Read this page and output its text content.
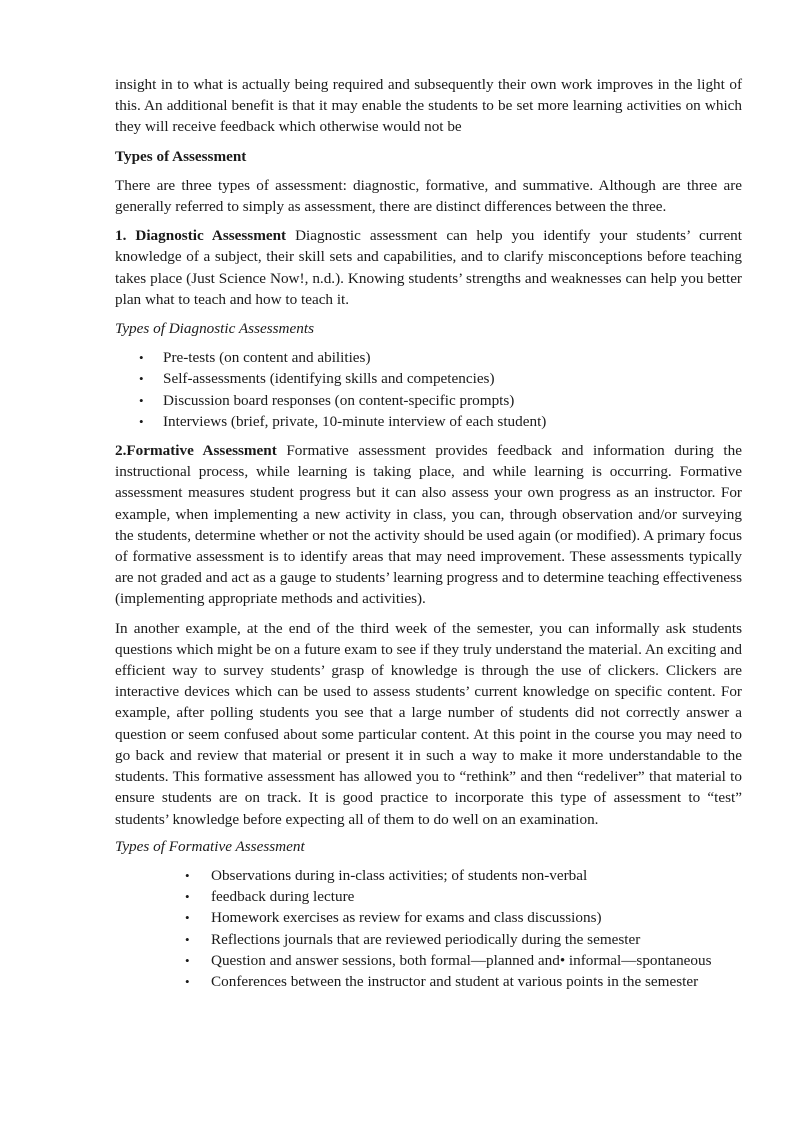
insight in to what is actually being required and subsequently their own work improves in the light of this. An additional benefit is that it may enable the students to be set more learning activities on which they will receive feedback which otherwise would not be

Types of Assessment

There are three types of assessment: diagnostic, formative, and summative. Although are three are generally referred to simply as assessment, there are distinct differences between the three.

1. Diagnostic Assessment Diagnostic assessment can help you identify your students’ current knowledge of a subject, their skill sets and capabilities, and to clarify misconceptions before teaching takes place (Just Science Now!, n.d.). Knowing students’ strengths and weaknesses can help you better plan what to teach and how to teach it.

Types of Diagnostic Assessments
• Pre-tests (on content and abilities)
• Self-assessments (identifying skills and competencies)
• Discussion board responses (on content-specific prompts)
• Interviews (brief, private, 10-minute interview of each student)

2.Formative Assessment Formative assessment provides feedback and information during the instructional process, while learning is taking place, and while learning is occurring. Formative assessment measures student progress but it can also assess your own progress as an instructor. For example, when implementing a new activity in class, you can, through observation and/or surveying the students, determine whether or not the activity should be used again (or modified). A primary focus of formative assessment is to identify areas that may need improvement. These assessments typically are not graded and act as a gauge to students’ learning progress and to determine teaching effectiveness (implementing appropriate methods and activities).

In another example, at the end of the third week of the semester, you can informally ask students questions which might be on a future exam to see if they truly understand the material. An exciting and efficient way to survey students’ grasp of knowledge is through the use of clickers. Clickers are interactive devices which can be used to assess students’ current knowledge on specific content. For example, after polling students you see that a large number of students did not correctly answer a question or seem confused about some particular content. At this point in the course you may need to go back and review that material or present it in such a way to make it more understandable to the students. This formative assessment has allowed you to “rethink” and then “redeliver” that material to ensure students are on track. It is good practice to incorporate this type of assessment to “test” students’ knowledge before expecting all of them to do well on an examination.

Types of Formative Assessment
• Observations during in-class activities; of students non-verbal
• feedback during lecture
• Homework exercises as review for exams and class discussions)
• Reflections journals that are reviewed periodically during the semester
• Question and answer sessions, both formal—planned and• informal—spontaneous
• Conferences between the instructor and student at various points in the semester
